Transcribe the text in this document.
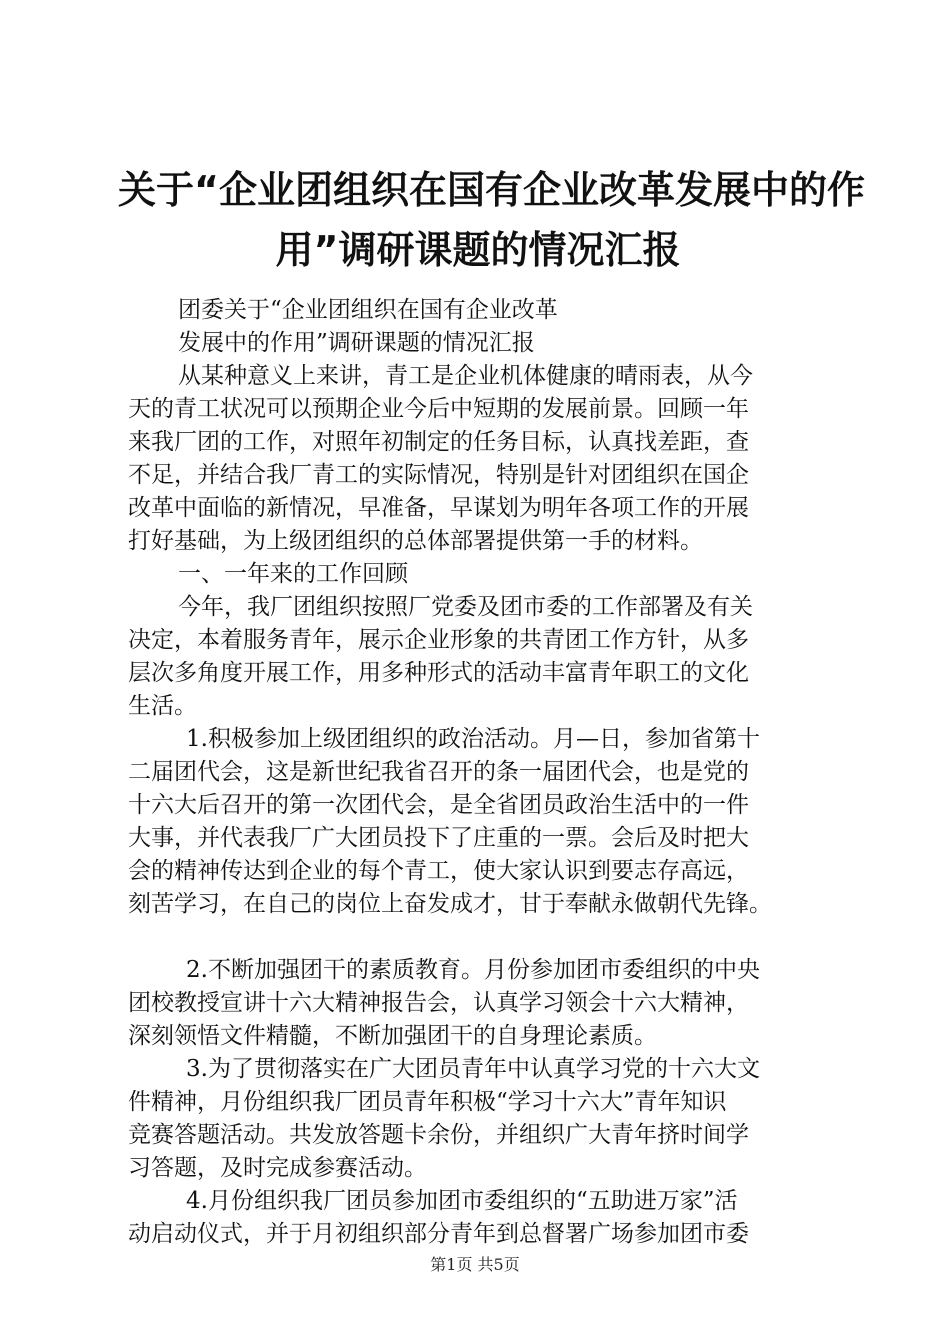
关于“企业团组织在国有企业改革发展中的作
用”调研课题的情况汇报
团委关于“企业团组织在国有企业改革
发展中的作用”调研课题的情况汇报
从某种意义上来讲，青工是企业机体健康的晴雨表，从今
天的青工状况可以预期企业今后中短期的发展前景。回顾一年
来我厂团的工作，对照年初制定的任务目标，认真找差距，查
不足，并结合我厂青工的实际情况，特别是针对团组织在国企
改革中面临的新情况，早准备，早谋划为明年各项工作的开展
打好基础，为上级团组织的总体部署提供第一手的材料。
一、一年来的工作回顾
今年，我厂团组织按照厂党委及团市委的工作部署及有关
决定，本着服务青年，展示企业形象的共青团工作方针，从多
层次多角度开展工作，用多种形式的活动丰富青年职工的文化
生活。
1.积极参加上级团组织的政治活动。月—日，参加省第十
二届团代会，这是新世纪我省召开的条一届团代会，也是党的
十六大后召开的第一次团代会，是全省团员政治生活中的一件
大事，并代表我厂广大团员投下了庄重的一票。会后及时把大
会的精神传达到企业的每个青工，使大家认识到要志存高远，
刻苦学习，在自己的岗位上奋发成才，甘于奉献永做朝代先锋。
2.不断加强团干的素质教育。月份参加团市委组织的中央
团校教授宣讲十六大精神报告会，认真学习领会十六大精神，
深刻领悟文件精髓，不断加强团干的自身理论素质。
3.为了贯彻落实在广大团员青年中认真学习党的十六大文
件精神，月份组织我厂团员青年积极“学习十六大”青年知识
竞赛答题活动。共发放答题卡余份，并组织广大青年挤时间学
习答题，及时完成参赛活动。
4.月份组织我厂团员参加团市委组织的“五助进万家”活
动启动仪式，并于月初组织部分青年到总督署广场参加团市委
第1页 共5页
